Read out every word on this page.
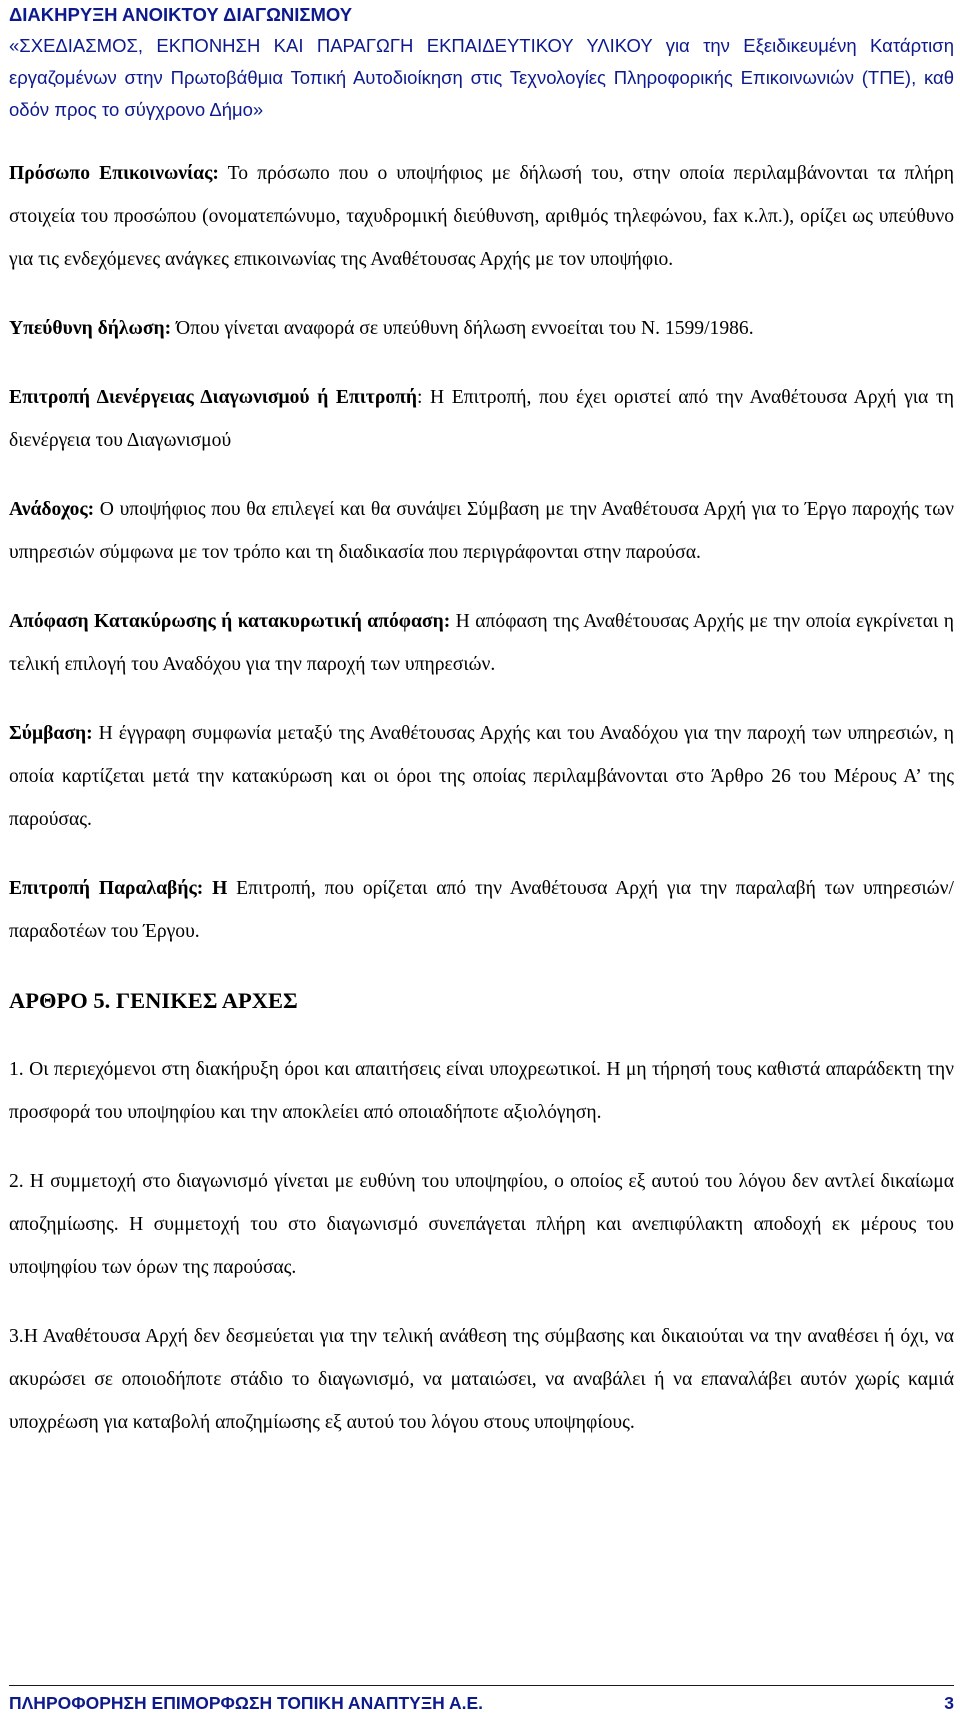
ΔΙΑΚΗΡΥΞΗ ΑΝΟΙΚΤΟΥ ΔΙΑΓΩΝΙΣΜΟΥ
«ΣΧΕΔΙΑΣΜΟΣ, ΕΚΠΟΝΗΣΗ ΚΑΙ ΠΑΡΑΓΩΓΗ ΕΚΠΑΙΔΕΥΤΙΚΟΥ ΥΛΙΚΟΥ για την Εξειδικευμένη Κατάρτιση εργαζομένων στην Πρωτοβάθμια Τοπική Αυτοδιοίκηση στις Τεχνολογίες Πληροφορικής Επικοινωνιών (ΤΠΕ), καθ οδόν προς το σύγχρονο Δήμο»

Πρόσωπο Επικοινωνίας: Το πρόσωπο που ο υποψήφιος με δήλωσή του, στην οποία περιλαμβάνονται τα πλήρη στοιχεία του προσώπου (ονοματεπώνυμο, ταχυδρομική διεύθυνση, αριθμός τηλεφώνου, fax κ.λπ.), ορίζει ως υπεύθυνο για τις ενδεχόμενες ανάγκες επικοινωνίας της Αναθέτουσας Αρχής με τον υποψήφιο.

Υπεύθυνη δήλωση: Όπου γίνεται αναφορά σε υπεύθυνη δήλωση εννοείται του Ν. 1599/1986.

Επιτροπή Διενέργειας Διαγωνισμού ή Επιτροπή: Η Επιτροπή, που έχει οριστεί από την Αναθέτουσα Αρχή για τη διενέργεια του Διαγωνισμού

Ανάδοχος: Ο υποψήφιος που θα επιλεγεί και θα συνάψει Σύμβαση με την Αναθέτουσα Αρχή για το Έργο παροχής των υπηρεσιών σύμφωνα με τον τρόπο και τη διαδικασία που περιγράφονται στην παρούσα.

Απόφαση Κατακύρωσης ή κατακυρωτική απόφαση: Η απόφαση της Αναθέτουσας Αρχής με την οποία εγκρίνεται η τελική επιλογή του Αναδόχου για την παροχή των υπηρεσιών.

Σύμβαση: Η έγγραφη συμφωνία μεταξύ της Αναθέτουσας Αρχής και του Αναδόχου για την παροχή των υπηρεσιών, η οποία καρτίζεται μετά την κατακύρωση και οι όροι της οποίας περιλαμβάνονται στο Άρθρο 26 του Μέρους Α’ της παρούσας.

Επιτροπή Παραλαβής: Η Επιτροπή, που ορίζεται από την Αναθέτουσα Αρχή για την παραλαβή των υπηρεσιών/παραδοτέων του Έργου.

ΑΡΘΡΟ 5. ΓΕΝΙΚΕΣ ΑΡΧΕΣ

1. Οι περιεχόμενοι στη διακήρυξη όροι και απαιτήσεις είναι υποχρεωτικοί. Η μη τήρησή τους καθιστά απαράδεκτη την προσφορά του υποψηφίου και την αποκλείει από οποιαδήποτε αξιολόγηση.

2. Η συμμετοχή στο διαγωνισμό γίνεται με ευθύνη του υποψηφίου, ο οποίος εξ αυτού του λόγου δεν αντλεί δικαίωμα αποζημίωσης. Η συμμετοχή του στο διαγωνισμό συνεπάγεται πλήρη και ανεπιφύλακτη αποδοχή εκ μέρους του υποψηφίου των όρων της παρούσας.

3.Η Αναθέτουσα Αρχή δεν δεσμεύεται για την τελική ανάθεση της σύμβασης και δικαιούται να την αναθέσει ή όχι, να ακυρώσει σε οποιοδήποτε στάδιο το διαγωνισμό, να ματαιώσει, να αναβάλει ή να επαναλάβει αυτόν χωρίς καμιά υποχρέωση για καταβολή αποζημίωσης εξ αυτού του λόγου στους υποψηφίους.

ΠΛΗΡΟΦΟΡΗΣΗ ΕΠΙΜΟΡΦΩΣΗ ΤΟΠΙΚΗ ΑΝΑΠΤΥΞΗ Α.Ε.	3
